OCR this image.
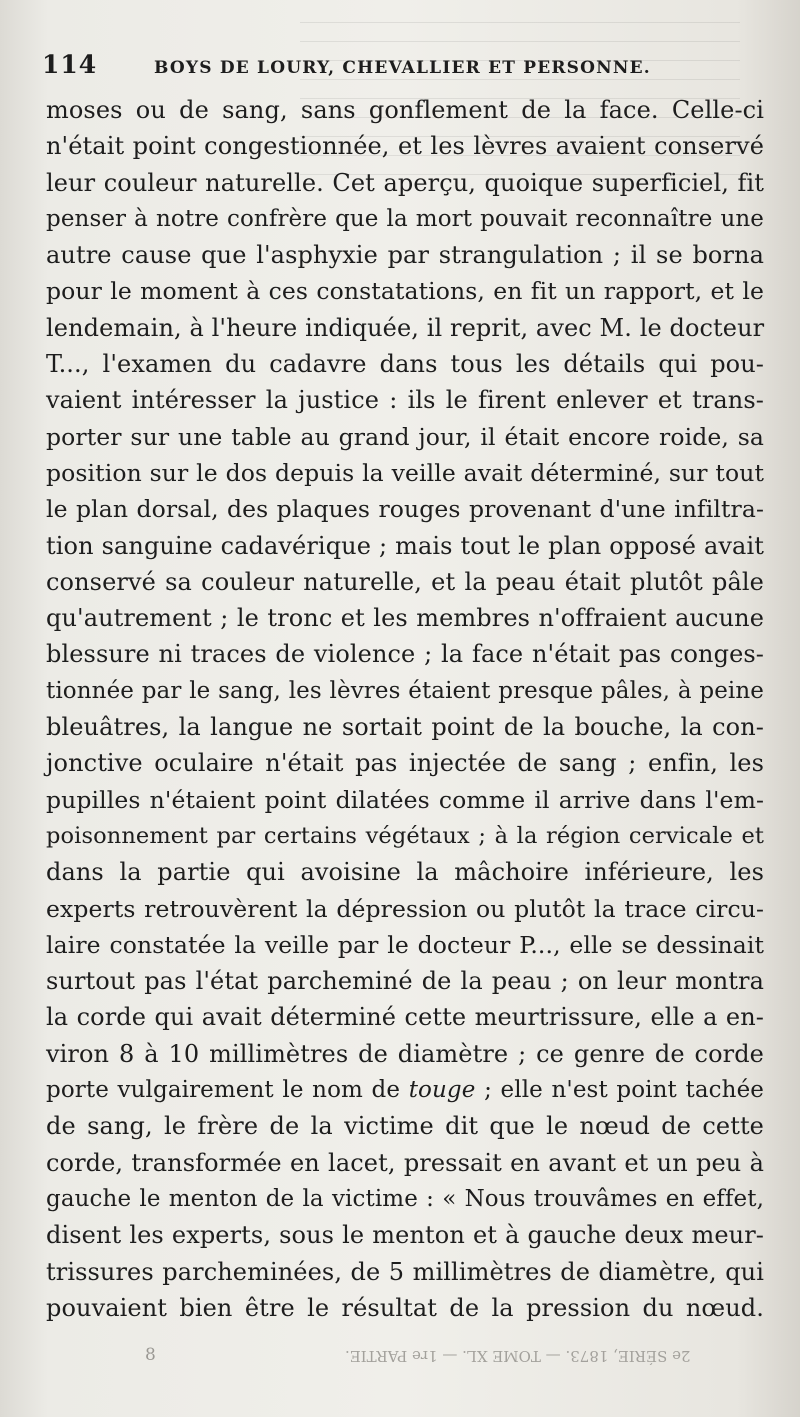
114	BOYS DE LOURY, CHEVALLIER ET PERSONNE.
moses ou de sang, sans gonflement de la face. Celle-ci
n'était point congestionnée, et les lèvres avaient conservé
leur couleur naturelle. Cet aperçu, quoique superficiel, fit
penser à notre confrère que la mort pouvait reconnaître une
autre cause que l'asphyxie par strangulation ; il se borna
pour le moment à ces constatations, en fit un rapport, et le
lendemain, à l'heure indiquée, il reprit, avec M. le docteur
T..., l'examen du cadavre dans tous les détails qui pou-
vaient intéresser la justice : ils le firent enlever et trans-
porter sur une table au grand jour, il était encore roide, sa
position sur le dos depuis la veille avait déterminé, sur tout
le plan dorsal, des plaques rouges provenant d'une infiltra-
tion sanguine cadavérique ; mais tout le plan opposé avait
conservé sa couleur naturelle, et la peau était plutôt pâle
qu'autrement ; le tronc et les membres n'offraient aucune
blessure ni traces de violence ; la face n'était pas conges-
tionnée par le sang, les lèvres étaient presque pâles, à peine
bleuâtres, la langue ne sortait point de la bouche, la con-
jonctive oculaire n'était pas injectée de sang ; enfin, les
pupilles n'étaient point dilatées comme il arrive dans l'em-
poisonnement par certains végétaux ; à la région cervicale et
dans la partie qui avoisine la mâchoire inférieure, les
experts retrouvèrent la dépression ou plutôt la trace circu-
laire constatée la veille par le docteur P..., elle se dessinait
surtout pas l'état parcheminé de la peau ; on leur montra
la corde qui avait déterminé cette meurtrissure, elle a en-
viron 8 à 10 millimètres de diamètre ; ce genre de corde
porte vulgairement le nom de touge ; elle n'est point tachée
de sang, le frère de la victime dit que le nœud de cette
corde, transformée en lacet, pressait en avant et un peu à
gauche le menton de la victime : « Nous trouvâmes en effet,
disent les experts, sous le menton et à gauche deux meur-
trissures parcheminées, de 5 millimètres de diamètre, qui
pouvaient bien être le résultat de la pression du nœud.
8	2e SÉRIE, 1873. — TOME XL. — 1re PARTIE.
